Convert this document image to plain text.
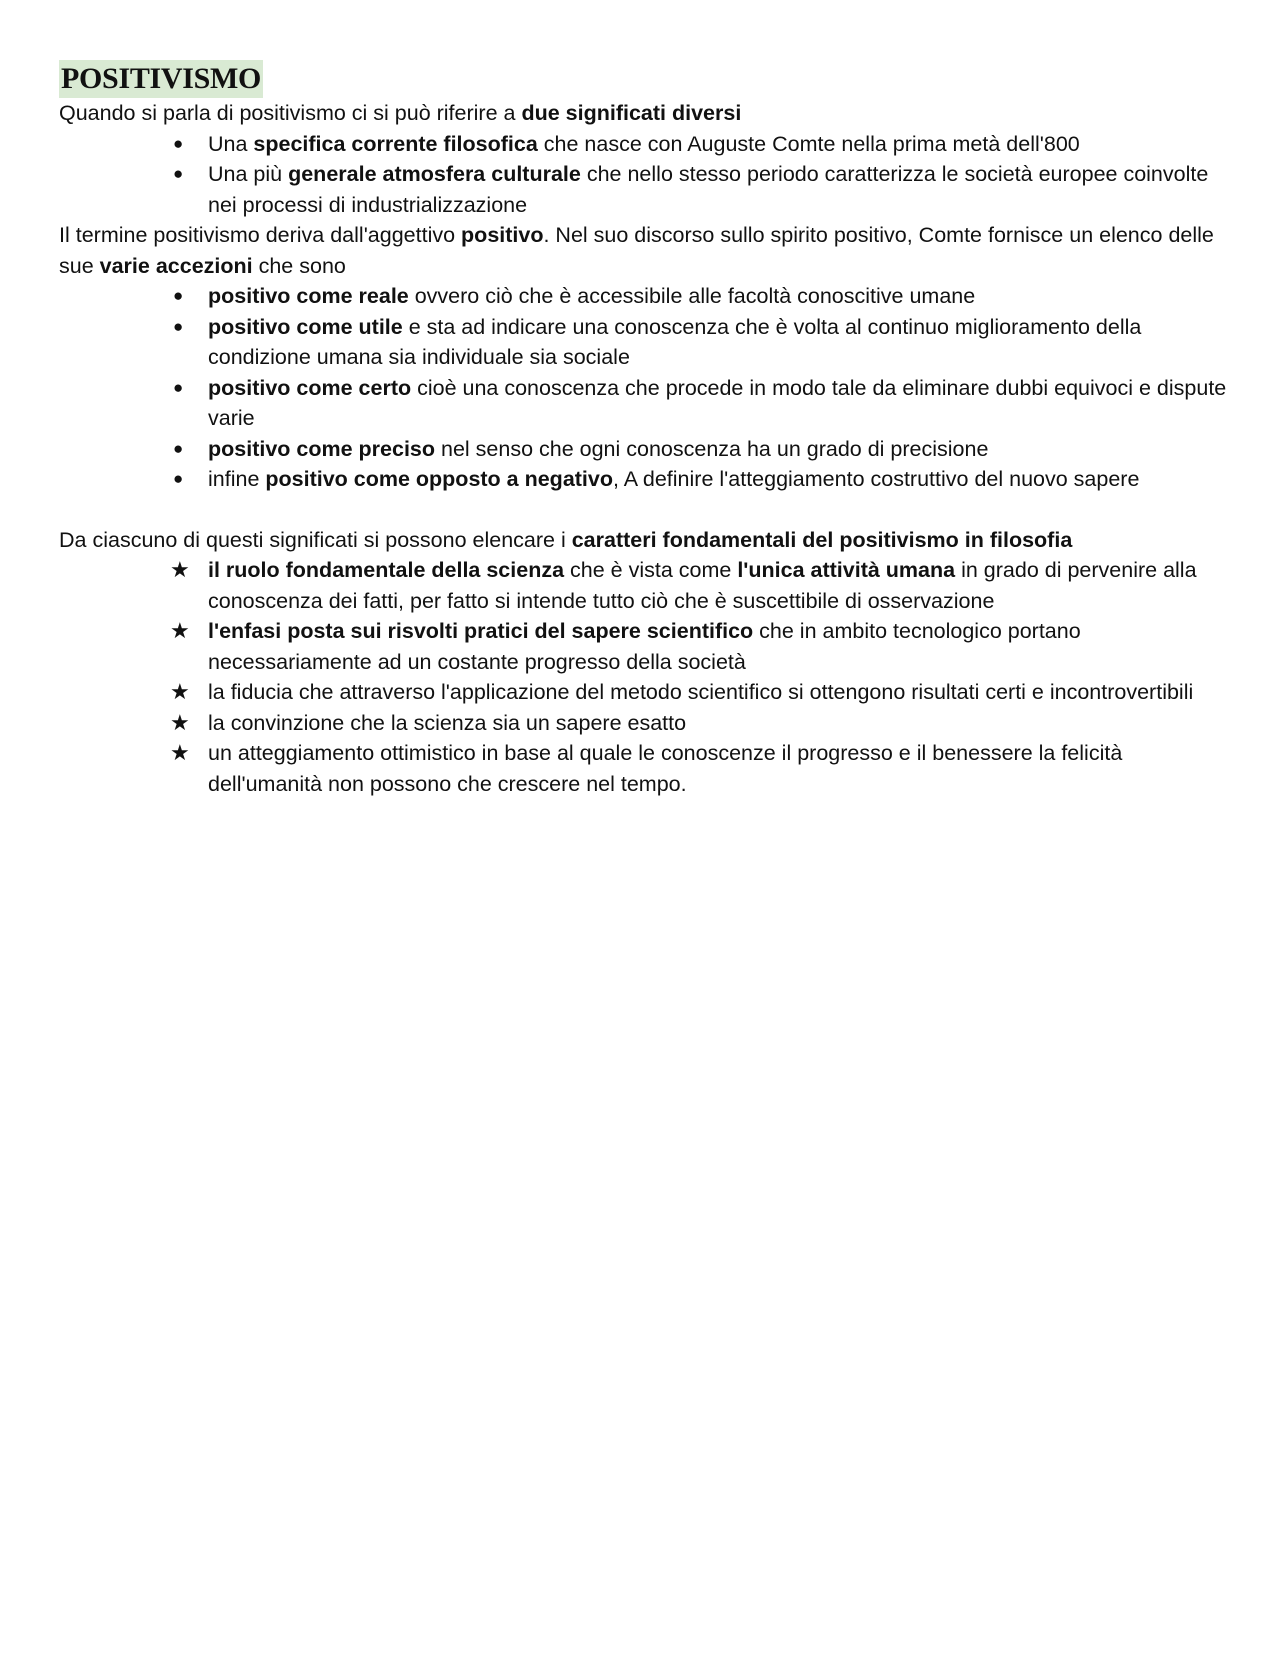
POSITIVISMO

Quando si parla di positivismo ci si può riferire a due significati diversi

● Una specifica corrente filosofica che nasce con Auguste Comte nella prima metà dell'800
● Una più generale atmosfera culturale che nello stesso periodo caratterizza le società europee coinvolte nei processi di industrializzazione

Il termine positivismo deriva dall'aggettivo positivo. Nel suo discorso sullo spirito positivo, Comte fornisce un elenco delle sue varie accezioni che sono

● positivo come reale ovvero ciò che è accessibile alle facoltà conoscitive umane
● positivo come utile e sta ad indicare una conoscenza che è volta al continuo miglioramento della condizione umana sia individuale sia sociale
● positivo come certo cioè una conoscenza che procede in modo tale da eliminare dubbi equivoci e dispute varie
● positivo come preciso nel senso che ogni conoscenza ha un grado di precisione
● infine positivo come opposto a negativo, A definire l'atteggiamento costruttivo del nuovo sapere

Da ciascuno di questi significati si possono elencare i caratteri fondamentali del positivismo in filosofia

★ il ruolo fondamentale della scienza che è vista come l'unica attività umana in grado di pervenire alla conoscenza dei fatti, per fatto si intende tutto ciò che è suscettibile di osservazione
★ l'enfasi posta sui risvolti pratici del sapere scientifico che in ambito tecnologico portano necessariamente ad un costante progresso della società
★ la fiducia che attraverso l'applicazione del metodo scientifico si ottengono risultati certi e incontrovertibili
★ la convinzione che la scienza sia un sapere esatto
★ un atteggiamento ottimistico in base al quale le conoscenze il progresso e il benessere la felicità dell'umanità non possono che crescere nel tempo.
